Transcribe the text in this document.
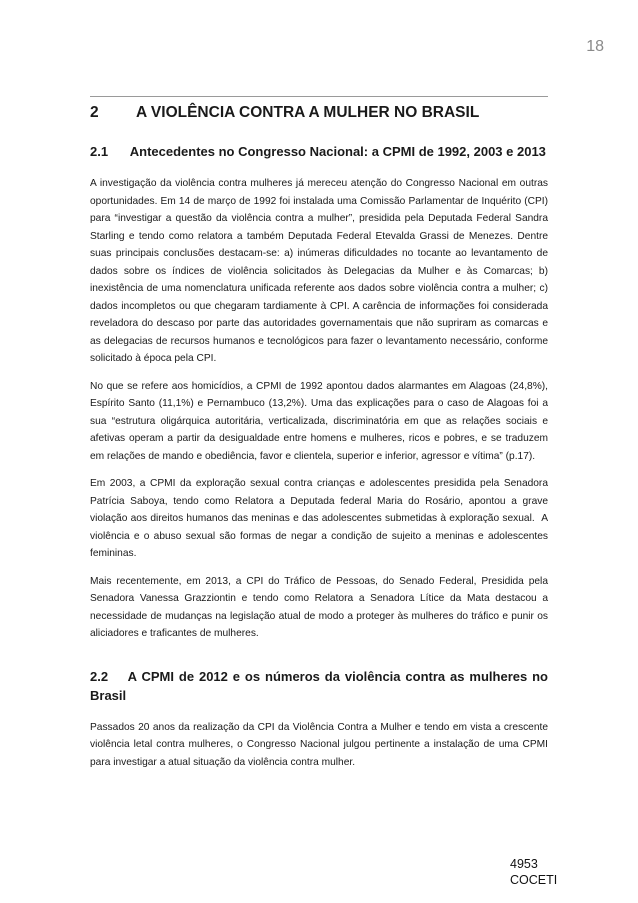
18
2	A VIOLÊNCIA CONTRA A MULHER NO BRASIL
2.1      Antecedentes no Congresso Nacional: a CPMI de 1992, 2003 e 2013

A investigação da violência contra mulheres já mereceu atenção do Congresso Nacional em outras oportunidades. Em 14 de março de 1992 foi instalada uma Comissão Parlamentar de Inquérito (CPI) para “investigar a questão da violência contra a mulher”, presidida pela Deputada Federal Sandra Starling e tendo como relatora a também Deputada Federal Etevalda Grassi de Menezes. Dentre suas principais conclusões destacam-se: a) inúmeras dificuldades no tocante ao levantamento de dados sobre os índices de violência solicitados às Delegacias da Mulher e às Comarcas; b) inexistência de uma nomenclatura unificada referente aos dados sobre violência contra a mulher; c) dados incompletos ou que chegaram tardiamente à CPI. A carência de informações foi considerada reveladora do descaso por parte das autoridades governamentais que não supriram as comarcas e as delegacias de recursos humanos e tecnológicos para fazer o levantamento necessário, conforme solicitado à época pela CPI.

No que se refere aos homicídios, a CPMI de 1992 apontou dados alarmantes em Alagoas (24,8%), Espírito Santo (11,1%) e Pernambuco (13,2%). Uma das explicações para o caso de Alagoas foi a sua “estrutura oligárquica autoritária, verticalizada, discriminatória em que as relações sociais e afetivas operam a partir da desigualdade entre homens e mulheres, ricos e pobres, e se traduzem em relações de mando e obediência, favor e clientela, superior e inferior, agressor e vítima” (p.17).

Em 2003, a CPMI da exploração sexual contra crianças e adolescentes presidida pela Senadora Patrícia Saboya, tendo como Relatora a Deputada federal Maria do Rosário, apontou a grave violação aos direitos humanos das meninas e das adolescentes submetidas à exploração sexual.  A violência e o abuso sexual são formas de negar a condição de sujeito a meninas e adolescentes femininas.

Mais recentemente, em 2013, a CPI do Tráfico de Pessoas, do Senado Federal, Presidida pela Senadora Vanessa Grazziontin e tendo como Relatora a Senadora Lítice da Mata destacou a necessidade de mudanças na legislação atual de modo a proteger às mulheres do tráfico e punir os aliciadores e traficantes de mulheres.

2.2    A CPMI de 2012 e os números da violência contra as mulheres no Brasil

Passados 20 anos da realização da CPI da Violência Contra a Mulher e tendo em vista a crescente violência letal contra mulheres, o Congresso Nacional julgou pertinente a instalação de uma CPMI para investigar a atual situação da violência contra mulher.

4953
COCETI
